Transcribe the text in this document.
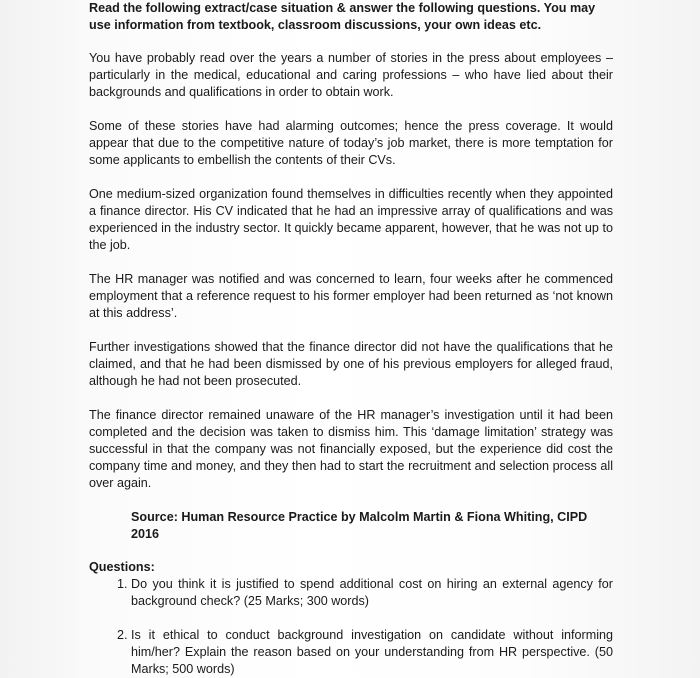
Read the following extract/case situation & answer the following questions. You may use information from textbook, classroom discussions, your own ideas etc.

You have probably read over the years a number of stories in the press about employees – particularly in the medical, educational and caring professions – who have lied about their backgrounds and qualifications in order to obtain work.

Some of these stories have had alarming outcomes; hence the press coverage. It would appear that due to the competitive nature of today’s job market, there is more temptation for some applicants to embellish the contents of their CVs.

One medium-sized organization found themselves in difficulties recently when they appointed a finance director. His CV indicated that he had an impressive array of qualifications and was experienced in the industry sector. It quickly became apparent, however, that he was not up to the job.

The HR manager was notified and was concerned to learn, four weeks after he commenced employment that a reference request to his former employer had been returned as ‘not known at this address’.

Further investigations showed that the finance director did not have the qualifications that he claimed, and that he had been dismissed by one of his previous employers for alleged fraud, although he had not been prosecuted.

The finance director remained unaware of the HR manager’s investigation until it had been completed and the decision was taken to dismiss him. This ‘damage limitation’ strategy was successful in that the company was not financially exposed, but the experience did cost the company time and money, and they then had to start the recruitment and selection process all over again.

Source: Human Resource Practice by Malcolm Martin & Fiona Whiting, CIPD 2016
Questions:
1. Do you think it is justified to spend additional cost on hiring an external agency for background check? (25 Marks; 300 words)
2. Is it ethical to conduct background investigation on candidate without informing him/her? Explain the reason based on your understanding from HR perspective. (50 Marks; 500 words)
